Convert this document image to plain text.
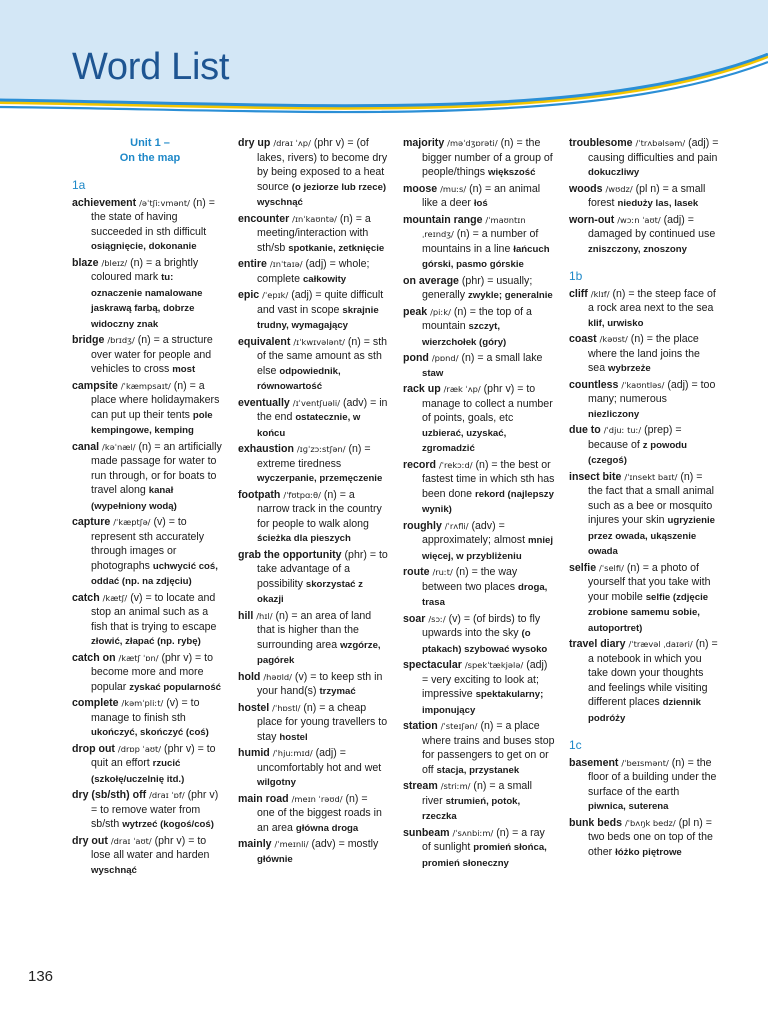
Word List
Unit 1 –
On the map
1a
achievement /əˈtʃiːvmənt/ (n) = the state of having succeeded in sth difficult osiągnięcie, dokonanie
blaze /bleɪz/ (n) = a brightly coloured mark tu: oznaczenie namalowane jaskrawą farbą, dobrze widoczny znak
bridge /brɪdʒ/ (n) = a structure over water for people and vehicles to cross most
campsite /ˈkæmpsaɪt/ (n) = a place where holidaymakers can put up their tents pole kempingowe, kemping
canal /kəˈnæl/ (n) = an artificially made passage for water to run through, or for boats to travel along kanał (wypełniony wodą)
capture /ˈkæptʃə/ (v) = to represent sth accurately through images or photographs uchwycić coś, oddać (np. na zdjęciu)
catch /kætʃ/ (v) = to locate and stop an animal such as a fish that is trying to escape złowić, złapać (np. rybę)
catch on /kætʃ ˈɒn/ (phr v) = to become more and more popular zyskać popularność
complete /kəmˈpliːt/ (v) = to manage to finish sth ukończyć, skończyć (coś)
drop out /drɒp ˈaʊt/ (phr v) = to quit an effort rzucić (szkołę/uczelnię itd.)
dry (sb/sth) off /draɪ ˈɒf/ (phr v) = to remove water from sb/sth wytrzeć (kogoś/coś)
dry out /draɪ ˈaʊt/ (phr v) = to lose all water and harden wyschnąć
dry up /draɪ ˈʌp/ (phr v) = (of lakes, rivers) to become dry by being exposed to a heat source (o jeziorze lub rzece) wyschnąć
encounter /ɪnˈkaʊntə/ (n) = a meeting/interaction with sth/sb spotkanie, zetknięcie
entire /ɪnˈtaɪə/ (adj) = whole; complete całkowity
epic /ˈepɪk/ (adj) = quite difficult and vast in scope skrajnie trudny, wymagający
equivalent /ɪˈkwɪvələnt/ (n) = sth of the same amount as sth else odpowiednik, równowartość
eventually /ɪˈventʃuəli/ (adv) = in the end ostatecznie, w końcu
exhaustion /ɪɡˈzɔːstʃən/ (n) = extreme tiredness wyczerpanie, przemęczenie
footpath /ˈfʊtpɑːθ/ (n) = a narrow track in the country for people to walk along ścieżka dla pieszych
grab the opportunity (phr) = to take advantage of a possibility skorzystać z okazji
hill /hɪl/ (n) = an area of land that is higher than the surrounding area wzgórze, pagórek
hold /həʊld/ (v) = to keep sth in your hand(s) trzymać
hostel /ˈhɒstl/ (n) = a cheap place for young travellers to stay hostel
humid /ˈhjuːmɪd/ (adj) = uncomfortably hot and wet wilgotny
main road /meɪn ˈrəʊd/ (n) = one of the biggest roads in an area główna droga
mainly /ˈmeɪnli/ (adv) = mostly głównie
majority /məˈdʒɒrəti/ (n) = the bigger number of a group of people/things większość
moose /muːs/ (n) = an animal like a deer łoś
mountain range /ˈmaʊntɪn ˌreɪndʒ/ (n) = a number of mountains in a line łańcuch górski, pasmo górskie
on average (phr) = usually; generally zwykle; generalnie
peak /piːk/ (n) = the top of a mountain szczyt, wierzchołek (góry)
pond /pɒnd/ (n) = a small lake staw
rack up /ræk ˈʌp/ (phr v) = to manage to collect a number of points, goals, etc uzbierać, uzyskać, zgromadzić
record /ˈrekɔːd/ (n) = the best or fastest time in which sth has been done rekord (najlepszy wynik)
roughly /ˈrʌfli/ (adv) = approximately; almost mniej więcej, w przybliżeniu
route /ruːt/ (n) = the way between two places droga, trasa
soar /sɔː/ (v) = (of birds) to fly upwards into the sky (o ptakach) szybować wysoko
spectacular /spekˈtækjələ/ (adj) = very exciting to look at; impressive spektakularny; imponujący
station /ˈsteɪʃən/ (n) = a place where trains and buses stop for passengers to get on or off stacja, przystanek
stream /striːm/ (n) = a small river strumień, potok, rzeczka
sunbeam /ˈsʌnbiːm/ (n) = a ray of sunlight promień słońca, promień słoneczny
troublesome /ˈtrʌbəlsəm/ (adj) = causing difficulties and pain dokuczliwy
woods /wʊdz/ (pl n) = a small forest niedυży las, lasek
worn-out /wɔːn ˈaʊt/ (adj) = damaged by continued use zniszczony, znoszony
1b
cliff /klɪf/ (n) = the steep face of a rock area next to the sea klif, urwisko
coast /kəʊst/ (n) = the place where the land joins the sea wybrzeże
countless /ˈkaʊntləs/ (adj) = too many; numerous niezliczony
due to /ˈdjuː tuː/ (prep) = because of z powodu (czegoś)
insect bite /ˈɪnsekt baɪt/ (n) = the fact that a small animal such as a bee or mosquito injures your skin ugryzienie przez owada, ukąszenie owada
selfie /ˈselfi/ (n) = a photo of yourself that you take with your mobile selfie (zdjęcie zrobione samemu sobie, autoportret)
travel diary /ˈtrævəl ˌdaɪəri/ (n) = a notebook in which you take down your thoughts and feelings while visiting different places dziennik podróży
1c
basement /ˈbeɪsmənt/ (n) = the floor of a building under the surface of the earth piwnica, suterena
bunk beds /ˈbʌŋk bedz/ (pl n) = two beds one on top of the other łóżko piętrowe
136
